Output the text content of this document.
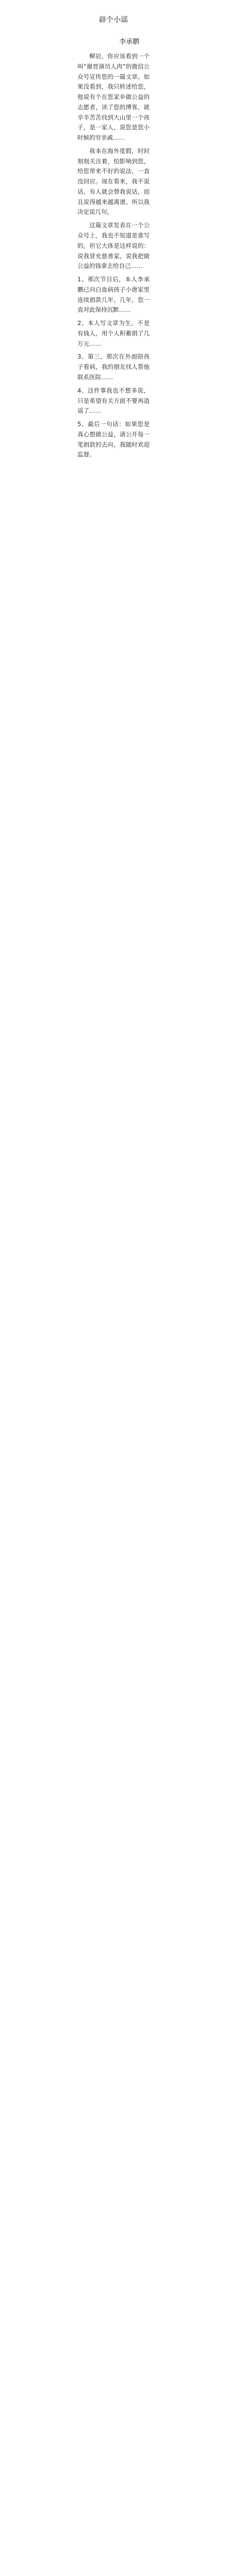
辟个小谣
李承鹏

柳岩，你应该看到一个叫“谢晋演员人肉”的微信公众号宣传您的一篇文章。如果没看到，我只转述给您，他说有个在您家乡做公益的志愿者，读了您的博客，就辛辛苦苦找到大山里一个孩子，是一家人，说您是您小时候的穷亲戚……

我本在海外度假，时时刻刻关注着，怕影响到您，给您带来不好的说法，一直没回应。现在看来，我不说话，有人就会替我说话，而且说得越来越离谱。所以我决定说几句。

这篇文章发表在一个公众号上，我也不知道是谁写的，但它大体是这样说的：说我冒充慈善家，说我把做公益的钱拿去给自己……

1、那次节目后，本人李承鹏已向白血病孩子小唐家里连续捐款几年，几年，您一直对此保持沉默……

2、本人写文章为生，不是有钱人，用个人积蓄捐了几万元……

3、第三，那次在外面陪孩子看病，我的朋友找人帮他联系医院……

4、这件事我也不想多说，只是希望有关方面不要再造谣了……

5、最后一句话：如果您是真心想做公益，请公开每一笔捐款的去向，我随时欢迎监督。
